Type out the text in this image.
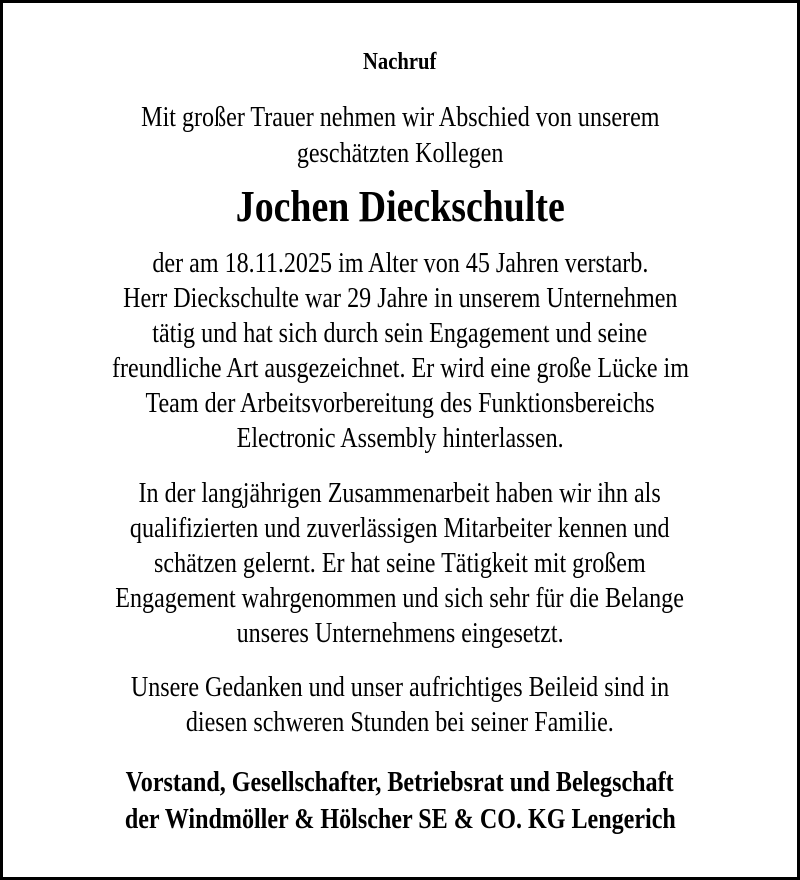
Nachruf
Mit großer Trauer nehmen wir Abschied von unserem
geschätzten Kollegen
Jochen Dieckschulte
der am 18.11.2025 im Alter von 45 Jahren verstarb.
Herr Dieckschulte war 29 Jahre in unserem Unternehmen
tätig und hat sich durch sein Engagement und seine
freundliche Art ausgezeichnet. Er wird eine große Lücke im
Team der Arbeitsvorbereitung des Funktionsbereichs
Electronic Assembly hinterlassen.
In der langjährigen Zusammenarbeit haben wir ihn als
qualifizierten und zuverlässigen Mitarbeiter kennen und
schätzen gelernt. Er hat seine Tätigkeit mit großem
Engagement wahrgenommen und sich sehr für die Belange
unseres Unternehmens eingesetzt.
Unsere Gedanken und unser aufrichtiges Beileid sind in
diesen schweren Stunden bei seiner Familie.
Vorstand, Gesellschafter, Betriebsrat und Belegschaft
der Windmöller & Hölscher SE & CO. KG Lengerich
